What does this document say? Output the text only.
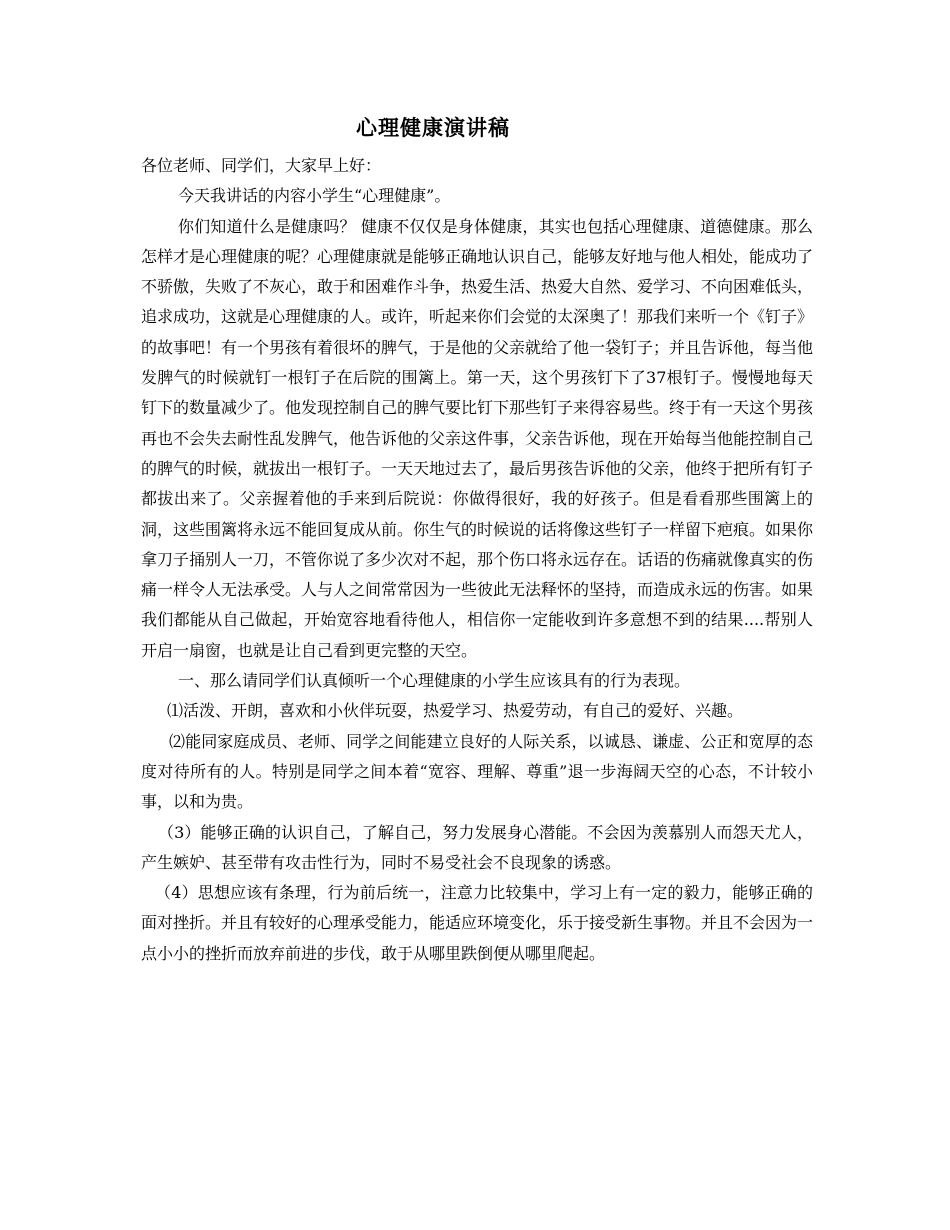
心理健康演讲稿

各位老师、同学们，大家早上好：

今天我讲话的内容小学生“心理健康”。

你们知道什么是健康吗？ 健康不仅仅是身体健康，其实也包括心理健康、道德健康。那么怎样才是心理健康的呢？心理健康就是能够正确地认识自己，能够友好地与他人相处，能成功了不骄傲，失败了不灰心，敢于和困难作斗争，热爱生活、热爱大自然、爱学习、不向困难低头，追求成功，这就是心理健康的人。或许，听起来你们会觉的太深奥了！那我们来听一个《钉子》的故事吧！有一个男孩有着很坏的脾气，于是他的父亲就给了他一袋钉子；并且告诉他，每当他发脾气的时候就钉一根钉子在后院的围篱上。第一天，这个男孩钉下了37根钉子。慢慢地每天钉下的数量减少了。他发现控制自己的脾气要比钉下那些钉子来得容易些。终于有一天这个男孩再也不会失去耐性乱发脾气，他告诉他的父亲这件事，父亲告诉他，现在开始每当他能控制自己的脾气的时候，就拔出一根钉子。一天天地过去了，最后男孩告诉他的父亲，他终于把所有钉子都拔出来了。父亲握着他的手来到后院说：你做得很好，我的好孩子。但是看看那些围篱上的洞，这些围篱将永远不能回复成从前。你生气的时候说的话将像这些钉子一样留下疤痕。如果你拿刀子捅别人一刀，不管你说了多少次对不起，那个伤口将永远存在。话语的伤痛就像真实的伤痛一样令人无法承受。人与人之间常常因为一些彼此无法释怀的坚持，而造成永远的伤害。如果我们都能从自己做起，开始宽容地看待他人，相信你一定能收到许多意想不到的结果....帮别人开启一扇窗，也就是让自己看到更完整的天空。

一、那么请同学们认真倾听一个心理健康的小学生应该具有的行为表现。

⑴活泼、开朗，喜欢和小伙伴玩耍，热爱学习、热爱劳动，有自己的爱好、兴趣。

⑵能同家庭成员、老师、同学之间能建立良好的人际关系，以诚恳、谦虚、公正和宽厚的态度对待所有的人。特别是同学之间本着“宽容、理解、尊重”退一步海阔天空的心态，不计较小事，以和为贵。

（3）能够正确的认识自己，了解自己，努力发展身心潜能。不会因为羡慕别人而怨天尤人，产生嫉妒、甚至带有攻击性行为，同时不易受社会不良现象的诱惑。

（4）思想应该有条理，行为前后统一，注意力比较集中，学习上有一定的毅力，能够正确的面对挫折。并且有较好的心理承受能力，能适应环境变化，乐于接受新生事物。并且不会因为一点小小的挫折而放弃前进的步伐，敢于从哪里跌倒便从哪里爬起。
